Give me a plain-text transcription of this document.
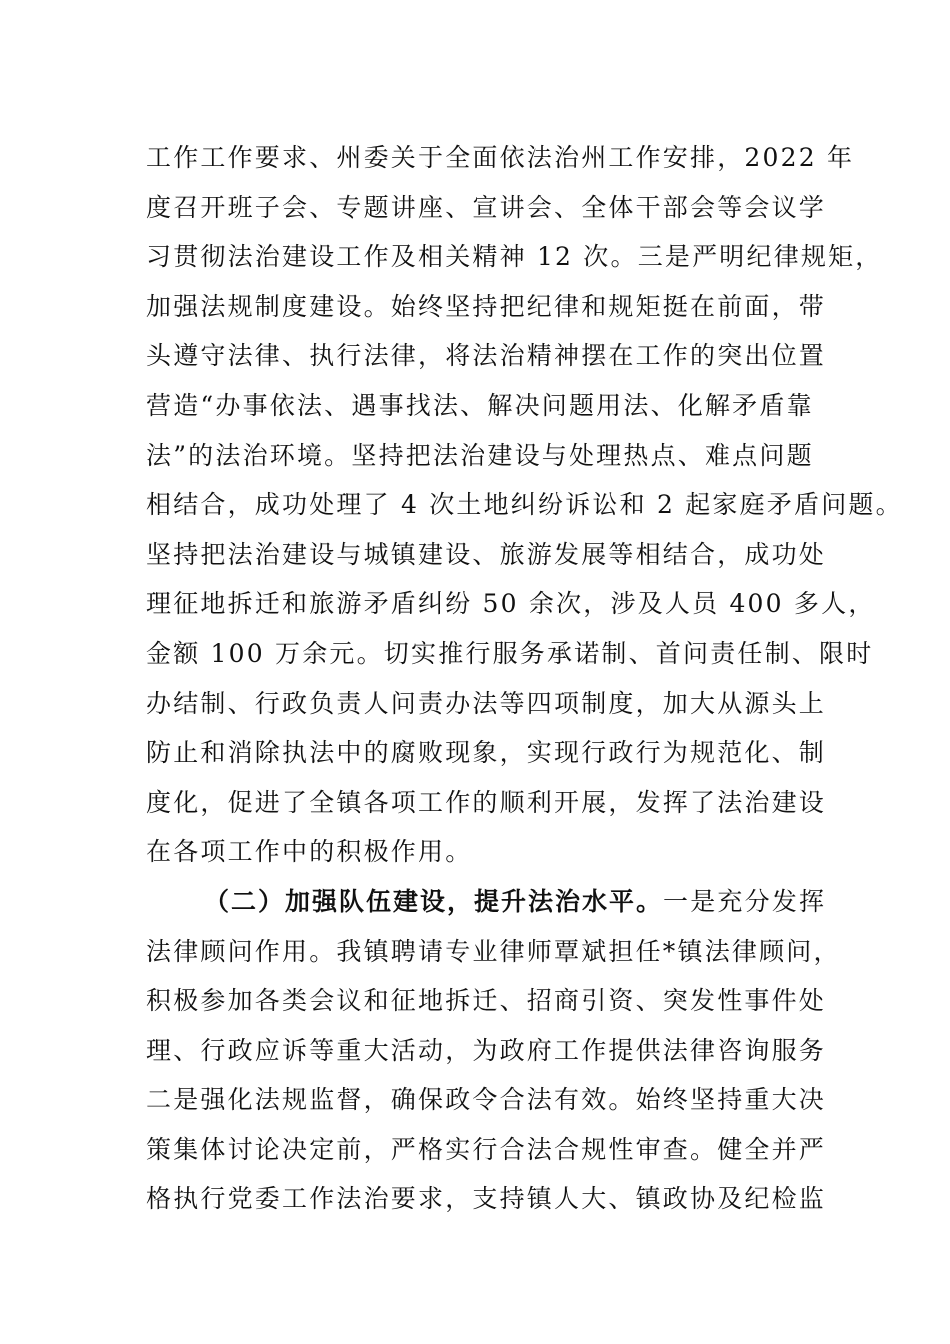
工作工作要求、州委关于全面依法治州工作安排，2022 年
度召开班子会、专题讲座、宣讲会、全体干部会等会议学
习贯彻法治建设工作及相关精神 12 次。三是严明纪律规矩，
加强法规制度建设。始终坚持把纪律和规矩挺在前面，带
头遵守法律、执行法律，将法治精神摆在工作的突出位置
营造“办事依法、遇事找法、解决问题用法、化解矛盾靠
法”的法治环境。坚持把法治建设与处理热点、难点问题
相结合，成功处理了 4 次土地纠纷诉讼和 2 起家庭矛盾问题。
坚持把法治建设与城镇建设、旅游发展等相结合，成功处
理征地拆迁和旅游矛盾纠纷 50 余次，涉及人员 400 多人，
金额 100 万余元。切实推行服务承诺制、首问责任制、限时
办结制、行政负责人问责办法等四项制度，加大从源头上
防止和消除执法中的腐败现象，实现行政行为规范化、制
度化，促进了全镇各项工作的顺利开展，发挥了法治建设
在各项工作中的积极作用。
（二）加强队伍建设，提升法治水平。一是充分发挥
法律顾问作用。我镇聘请专业律师覃斌担任*镇法律顾问，
积极参加各类会议和征地拆迁、招商引资、突发性事件处
理、行政应诉等重大活动，为政府工作提供法律咨询服务
二是强化法规监督，确保政令合法有效。始终坚持重大决
策集体讨论决定前，严格实行合法合规性审查。健全并严
格执行党委工作法治要求，支持镇人大、镇政协及纪检监
